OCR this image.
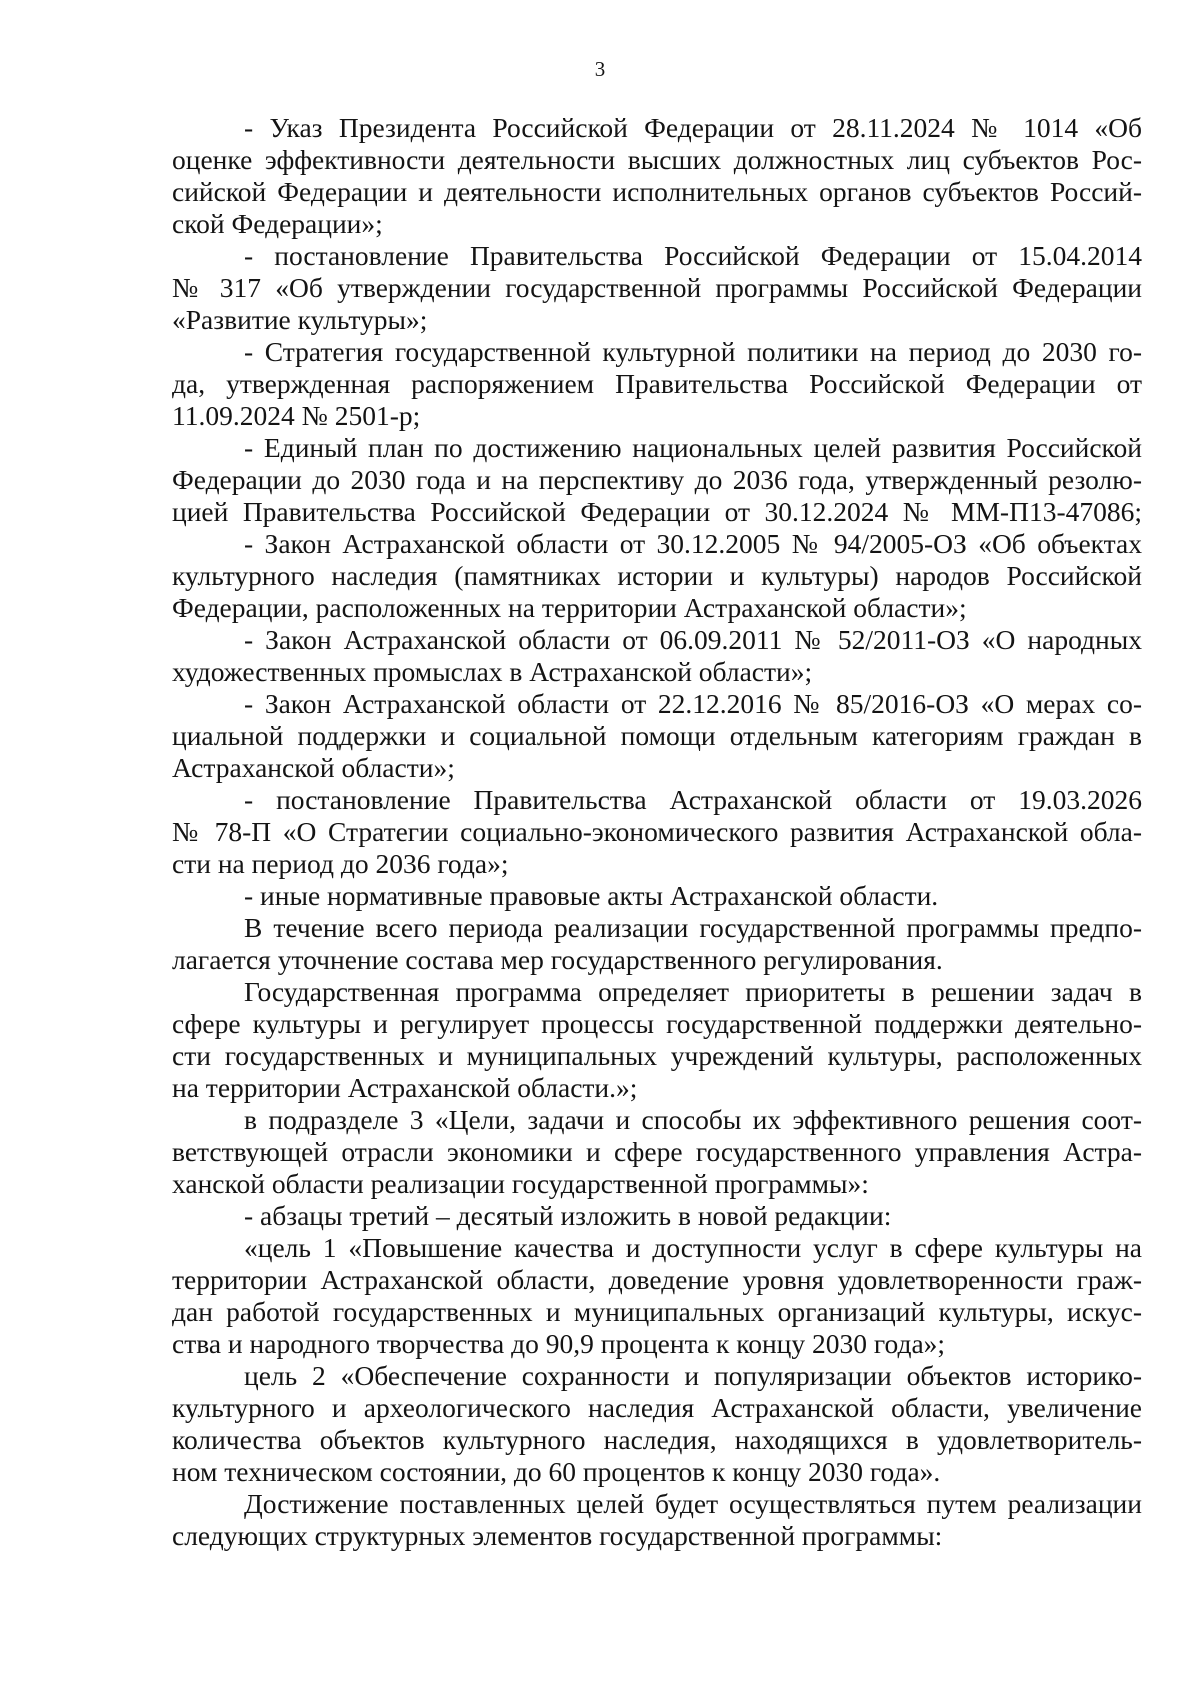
3
- Указ Президента Российской Федерации от 28.11.2024 № 1014 «Об
оценке эффективности деятельности высших должностных лиц субъектов Рос-
сийской Федерации и деятельности исполнительных органов субъектов Россий-
ской Федерации»;
- постановление Правительства Российской Федерации от 15.04.2014
№ 317 «Об утверждении государственной программы Российской Федерации
«Развитие культуры»;
- Стратегия государственной культурной политики на период до 2030 го-
да, утвержденная распоряжением Правительства Российской Федерации от
11.09.2024 № 2501-р;
- Единый план по достижению национальных целей развития Российской
Федерации до 2030 года и на перспективу до 2036 года, утвержденный резолю-
цией Правительства Российской Федерации от 30.12.2024 № ММ-П13-47086;
- Закон Астраханской области от 30.12.2005 № 94/2005-ОЗ «Об объектах
культурного наследия (памятниках истории и культуры) народов Российской
Федерации, расположенных на территории Астраханской области»;
- Закон Астраханской области от 06.09.2011 № 52/2011-ОЗ «О народных
художественных промыслах в Астраханской области»;
- Закон Астраханской области от 22.12.2016 № 85/2016-ОЗ «О мерах со-
циальной поддержки и социальной помощи отдельным категориям граждан в
Астраханской области»;
- постановление Правительства Астраханской области от 19.03.2026
№ 78-П «О Стратегии социально-экономического развития Астраханской обла-
сти на период до 2036 года»;
- иные нормативные правовые акты Астраханской области.
В течение всего периода реализации государственной программы предпо-
лагается уточнение состава мер государственного регулирования.
Государственная программа определяет приоритеты в решении задач в
сфере культуры и регулирует процессы государственной поддержки деятельно-
сти государственных и муниципальных учреждений культуры, расположенных
на территории Астраханской области.»;
в подразделе 3 «Цели, задачи и способы их эффективного решения соот-
ветствующей отрасли экономики и сфере государственного управления Астра-
ханской области реализации государственной программы»:
- абзацы третий – десятый изложить в новой редакции:
«цель 1 «Повышение качества и доступности услуг в сфере культуры на
территории Астраханской области, доведение уровня удовлетворенности граж-
дан работой государственных и муниципальных организаций культуры, искус-
ства и народного творчества до 90,9 процента к концу 2030 года»;
цель 2 «Обеспечение сохранности и популяризации объектов историко-
культурного и археологического наследия Астраханской области, увеличение
количества объектов культурного наследия, находящихся в удовлетворитель-
ном техническом состоянии, до 60 процентов к концу 2030 года».
Достижение поставленных целей будет осуществляться путем реализации
следующих структурных элементов государственной программы:
